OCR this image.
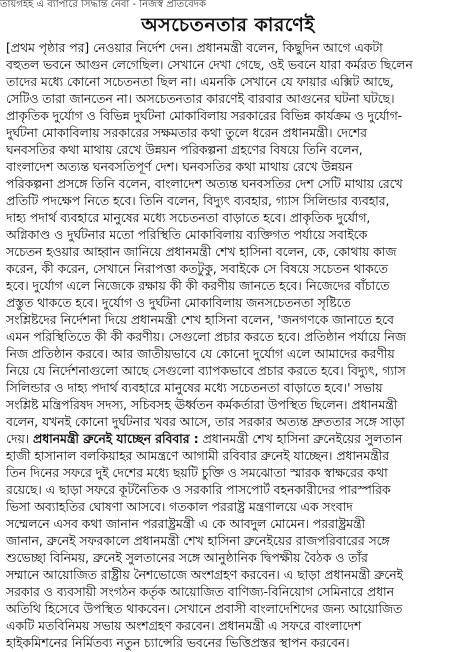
তায়গইহ এ ব্যাপারে সিদ্ধান্ত নেবা - নিজস্ব প্রতিবেদক
অসচেতনতার কারণেই
[প্রথম পৃষ্ঠার পর] নেওয়ার নির্দেশ দেন। প্রধানমন্ত্রী বলেন, কিছুদিন আগে একটা
বহুতল ভবনে আগুন লেগেছিল। সেখানে দেখা গেছে, ওই ভবনে যারা কর্মরত ছিলেন
তাদের মধ্যে কোনো সচেতনতা ছিল না। এমনকি সেখানে যে ফায়ার এক্সিট আছে,
সেটিও তারা জানতেন না। অসচেতনতার কারণেই বারবার আগুনের ঘটনা ঘটছে।
প্রাকৃতিক দুর্যোগ ও বিভিন্ন দুর্ঘটনা মোকাবিলায় সরকারের বিভিন্ন কার্যক্রম ও দুর্যোগ-
দুর্ঘটনা মোকাবিলায় সরকারের সক্ষমতার কথা তুলে ধরেন প্রধানমন্ত্রী। দেশের
ঘনবসতির কথা মাথায় রেখে উন্নয়ন পরিকল্পনা গ্রহণের বিষয়ে তিনি বলেন,
বাংলাদেশ অত্যন্ত ঘনবসতিপূর্ণ দেশ। ঘনবসতির কথা মাথায় রেখে উন্নয়ন
পরিকল্পনা প্রসঙ্গে তিনি বলেন, বাংলাদেশ অত্যন্ত ঘনবসতির দেশ সেটি মাথায় রেখে
প্রতিটি পদক্ষেপ নিতে হবে। তিনি বলেন, বিদ্যুৎ ব্যবহার, গ্যাস সিলিন্ডার ব্যবহার,
দাহ্য পদার্থ ব্যবহারে মানুষের মধ্যে সচেতনতা বাড়াতে হবে। প্রাকৃতিক দুর্যোগ,
অগ্নিকাণ্ড ও দুর্ঘটনার মতো পরিস্থিতি মোকাবিলায় ব্যক্তিগত পর্যায়ে সবাইকে
সচেতন হওয়ার আহ্বান জানিয়ে প্রধানমন্ত্রী শেখ হাসিনা বলেন, কে, কোথায় কাজ
করেন, কী করেন, সেখানে নিরাপত্তা কতটুকু, সবাইকে সে বিষয়ে সচেতন থাকতে
হবে। দুর্যোগ এলে নিজেকে রক্ষায় কী কী করণীয় জানতে হবে। নিজেদের বাঁচাতে
প্রস্তুত থাকতে হবে। দুর্যোগ ও দুর্ঘটনা মোকাবিলায় জনসচেতনতা সৃষ্টিতে
সংশ্লিষ্টদের নির্দেশনা দিয়ে প্রধানমন্ত্রী শেখ হাসিনা বলেন, 'জনগণকে জানাতে হবে
এমন পরিস্থিতিতে কী কী করণীয়। সেগুলো প্রচার করতে হবে। প্রতিষ্ঠান পর্যায়ে নিজ
নিজ প্রতিষ্ঠান করবে। আর জাতীয়ভাবে যে কোনো দুর্যোগ এলে আমাদের করণীয়
নিয়ে যে নির্দেশনাগুলো আছে সেগুলো ব্যাপকভাবে প্রচার করতে হবে। বিদ্যুৎ, গ্যাস
সিলিন্ডার ও দাহ্য পদার্থ ব্যবহারে মানুষের মধ্যে সচেতনতা বাড়াতে হবে।' সভায়
সংশ্লিষ্ট মন্ত্রিপরিষদ সদস্য, সচিবসহ ঊর্ধ্বতন কর্মকর্তারা উপস্থিত ছিলেন। প্রধানমন্ত্রী
বলেন, যখনই কোনো দুর্ঘটনার খবর আসে, তার সরকার অত্যন্ত দ্রুততার সঙ্গে সাড়া
দেয়। প্রধানমন্ত্রী ব্রুনেই যাচ্ছেন রবিবার : প্রধানমন্ত্রী শেখ হাসিনা ব্রুনেইয়ের সুলতান
হাজী হাসানাল বলকিয়াহর আমন্ত্রণে আগামী রবিবার ব্রুনেই যাচ্ছেন। প্রধানমন্ত্রীর
তিন দিনের সফরে দুই দেশের মধ্যে ছয়টি চুক্তি ও সমঝোতা স্মারক স্বাক্ষরের কথা
রয়েছে। এ ছাড়া সফরে কূটনৈতিক ও সরকারি পাসপোর্ট বহনকারীদের পারস্পরিক
ভিসা অব্যাহতির ঘোষণা আসবে। গতকাল পররাষ্ট্র মন্ত্রণালয়ে এক সংবাদ
সম্মেলনে এসব কথা জানান পররাষ্ট্রমন্ত্রী এ কে আবদুল মোমেন। পররাষ্ট্রমন্ত্রী
জানান, ব্রুনেই সফরকালে প্রধানমন্ত্রী শেখ হাসিনা ব্রুনেইয়ের রাজপরিবারের সঙ্গে
শুভেচ্ছা বিনিময়, ব্রুনেই সুলতানের সঙ্গে আনুষ্ঠানিক দ্বিপক্ষীয় বৈঠক ও তাঁর
সম্মানে আয়োজিত রাষ্ট্রীয় নৈশভোজে অংশগ্রহণ করবেন। এ ছাড়া প্রধানমন্ত্রী ব্রুনেই
সরকার ও ব্যবসায়ী সংগঠন কর্তৃক আয়োজিত বাণিজ্য-বিনিয়োগ সেমিনারে প্রধান
অতিথি হিসেবে উপস্থিত থাকবেন। সেখানে প্রবাসী বাংলাদেশিদের জন্য আয়োজিত
একটি মতবিনিময় সভায় অংশগ্রহণ করবেন। প্রধানমন্ত্রী এ সফরে বাংলাদেশ
হাইকমিশনের নির্মিতব্য নতুন চ্যান্সেরি ভবনের ভিত্তিপ্রস্তর স্থাপন করবেন।
